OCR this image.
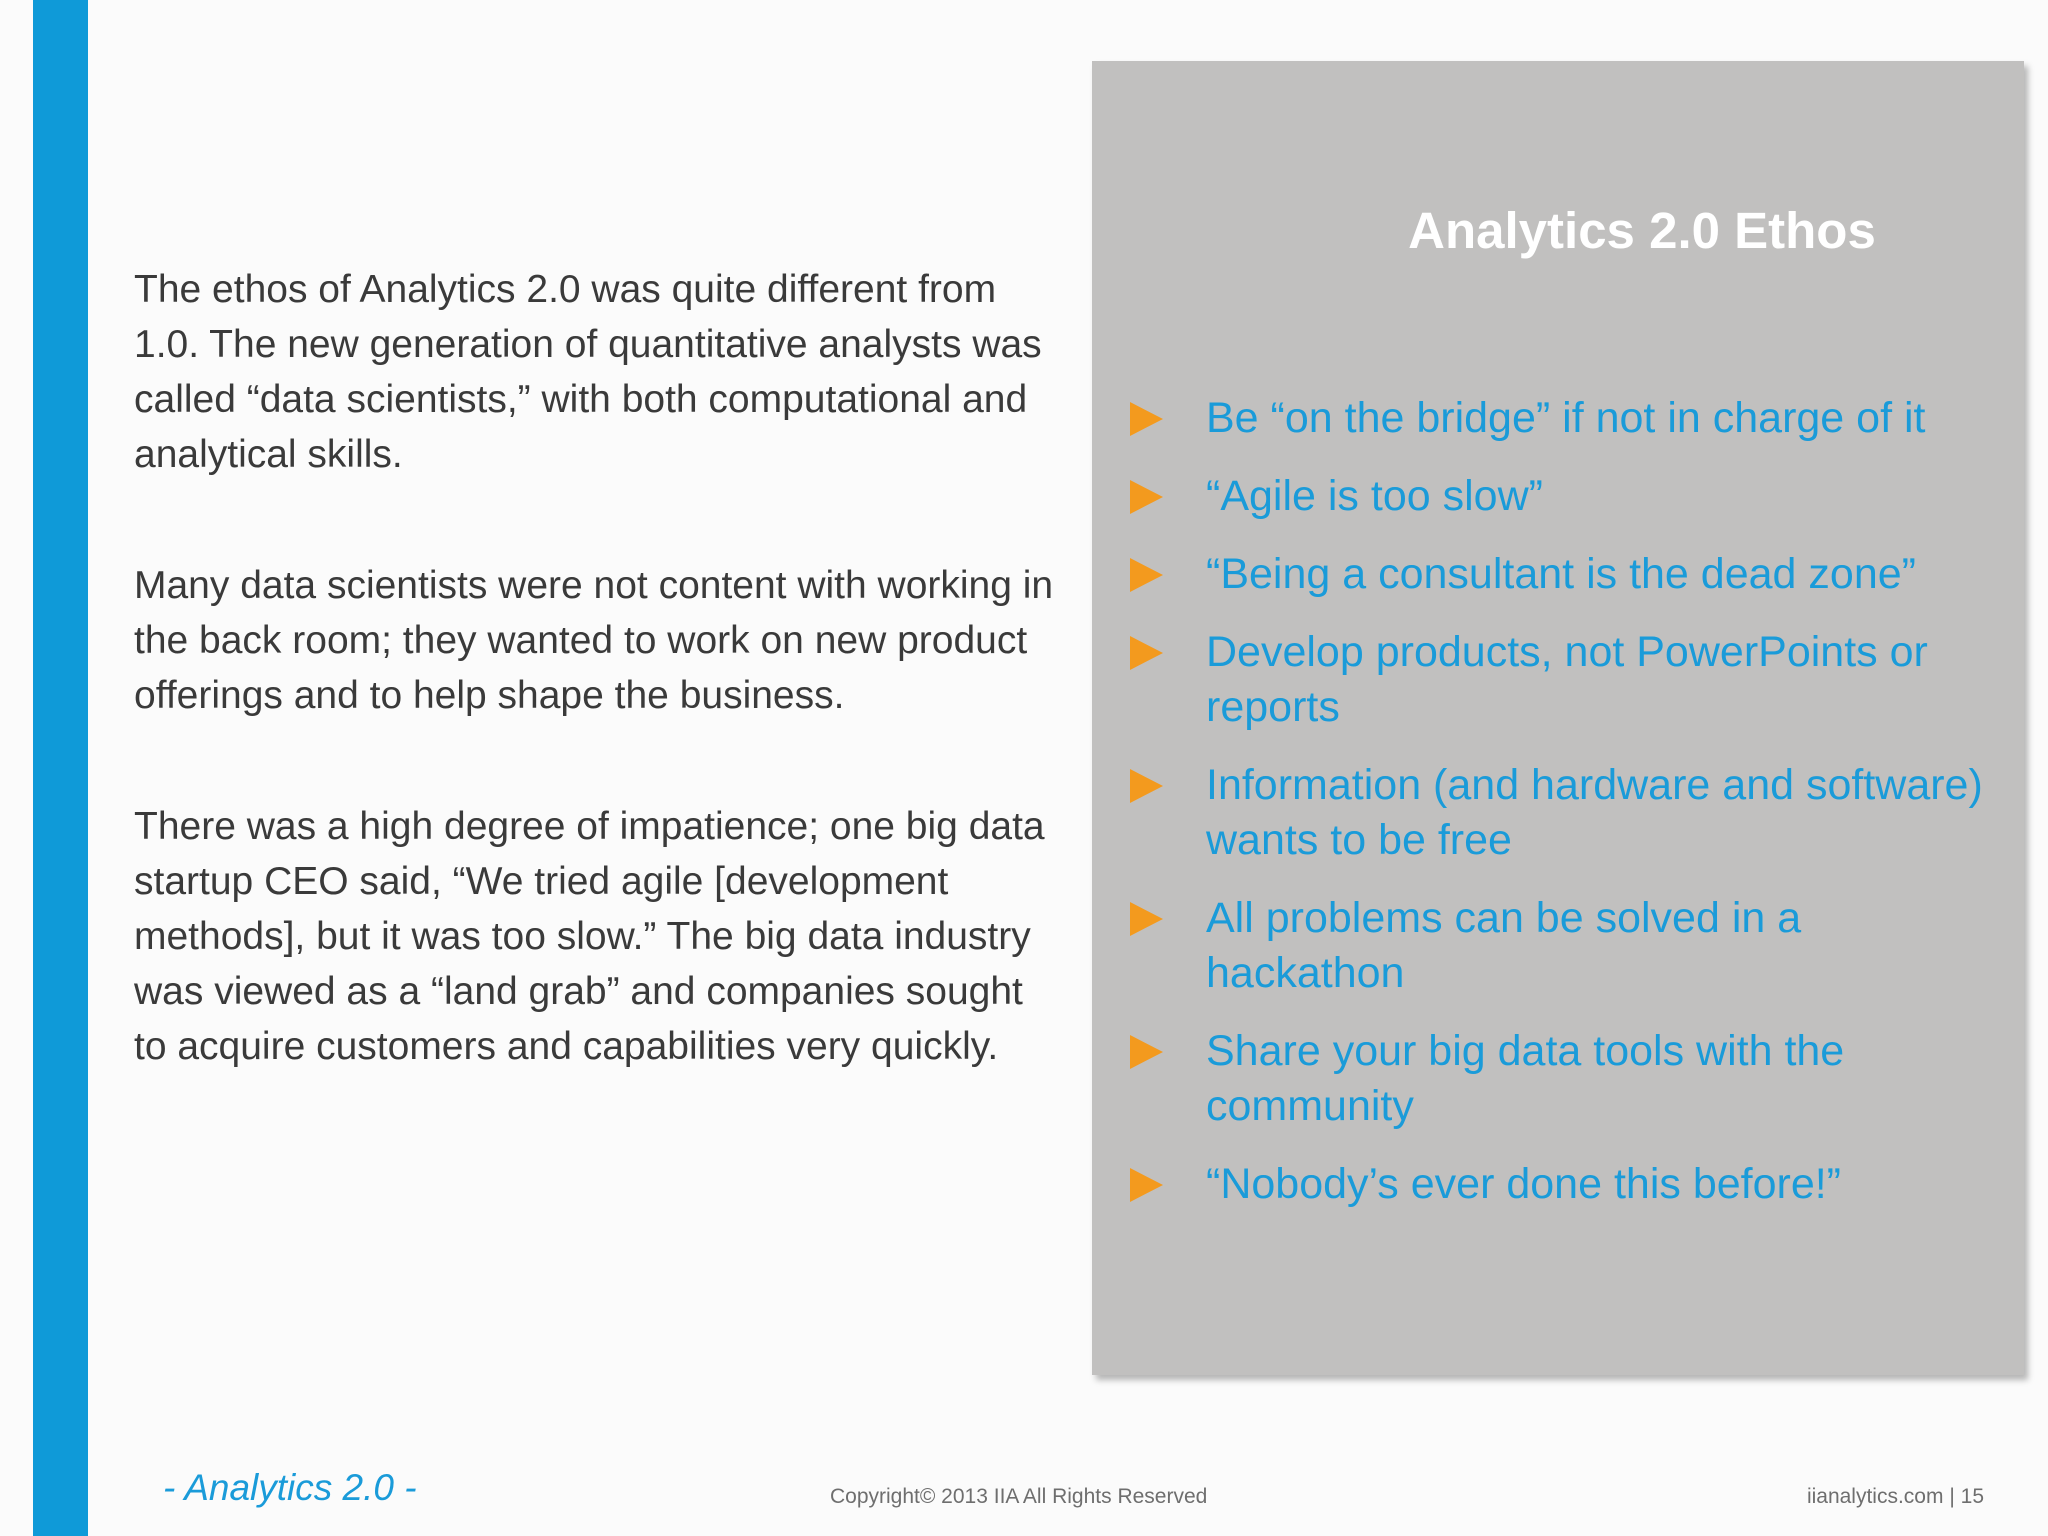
The ethos of Analytics 2.0 was quite different from 1.0. The new generation of quantitative analysts was called “data scientists,” with both computational and analytical skills.

Many data scientists were not content with working in the back room; they wanted to work on new product offerings and to help shape the business.

There was a high degree of impatience; one big data startup CEO said, “We tried agile [development methods], but it was too slow.” The big data industry was viewed as a “land grab” and companies sought to acquire customers and capabilities very quickly.

Analytics 2.0 Ethos
Be “on the bridge” if not in charge of it
“Agile is too slow”
“Being a consultant is the dead zone”
Develop products, not PowerPoints or reports
Information (and hardware and software) wants to be free
All problems can be solved in a hackathon
Share your big data tools with the community
“Nobody’s ever done this before!”
- Analytics 2.0 -	Copyright© 2013 IIA All Rights Reserved	iianalytics.com | 15
